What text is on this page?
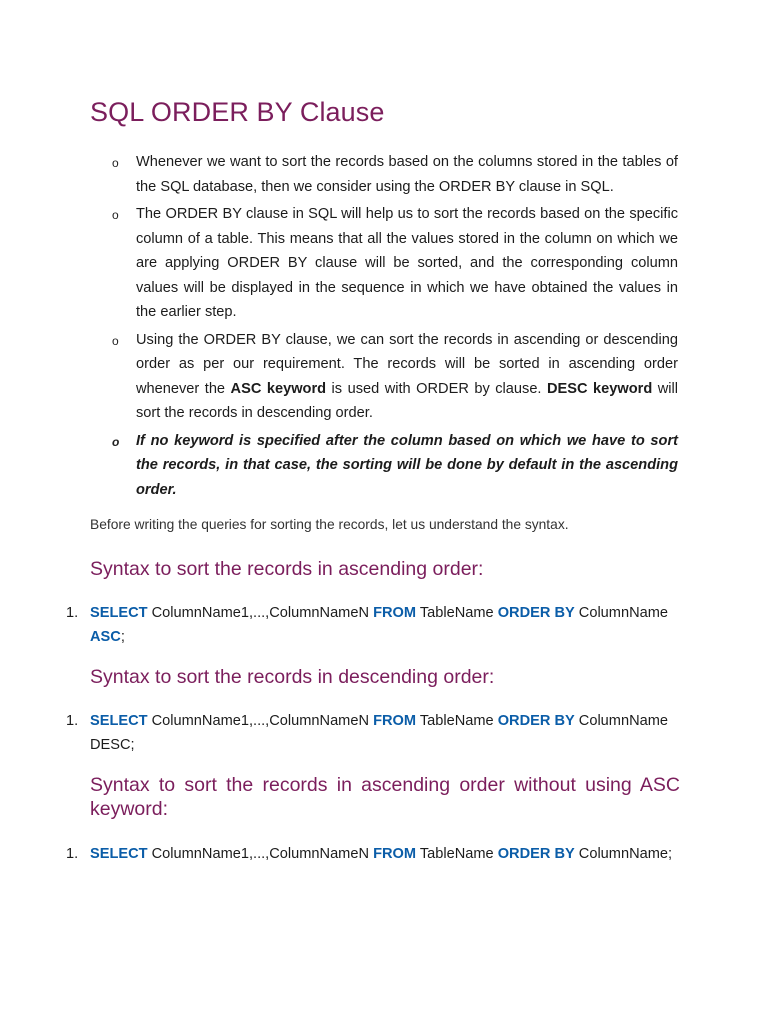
SQL ORDER BY Clause
o Whenever we want to sort the records based on the columns stored in the tables of the SQL database, then we consider using the ORDER BY clause in SQL.
o The ORDER BY clause in SQL will help us to sort the records based on the specific column of a table. This means that all the values stored in the column on which we are applying ORDER BY clause will be sorted, and the corresponding column values will be displayed in the sequence in which we have obtained the values in the earlier step.
o Using the ORDER BY clause, we can sort the records in ascending or descending order as per our requirement. The records will be sorted in ascending order whenever the ASC keyword is used with ORDER by clause. DESC keyword will sort the records in descending order.
o If no keyword is specified after the column based on which we have to sort the records, in that case, the sorting will be done by default in the ascending order.

Before writing the queries for sorting the records, let us understand the syntax.

Syntax to sort the records in ascending order:
1. SELECT ColumnName1,...,ColumnNameN FROM TableName ORDER BY ColumnName
ASC;
Syntax to sort the records in descending order:
1. SELECT ColumnName1,...,ColumnNameN FROM TableName ORDER BY ColumnName
DESC;
Syntax to sort the records in ascending order without using ASC keyword:
1. SELECT ColumnName1,...,ColumnNameN FROM TableName ORDER BY ColumnName;
